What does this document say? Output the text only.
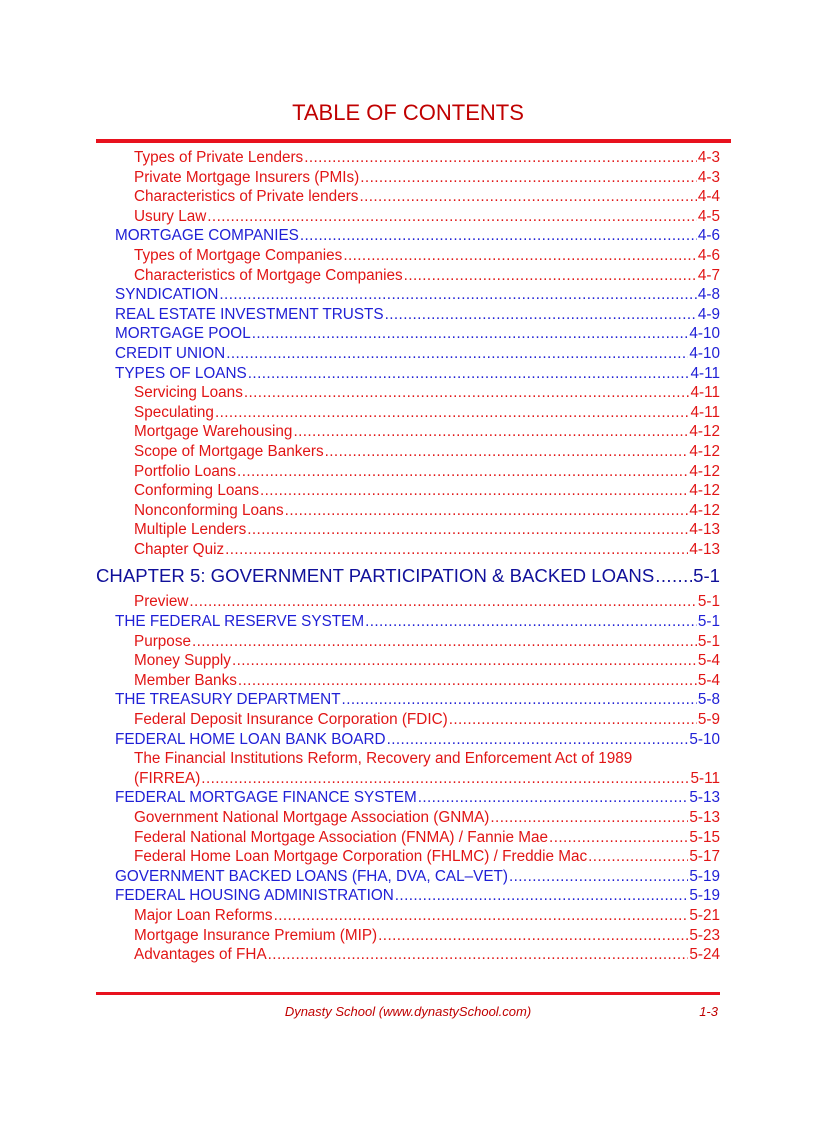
TABLE OF CONTENTS
Types of Private Lenders .....	4-3
Private Mortgage Insurers (PMIs) .....	4-3
Characteristics of Private lenders .....	4-4
Usury Law .....	4-5
MORTGAGE COMPANIES .....	4-6
Types of Mortgage Companies .....	4-6
Characteristics of Mortgage Companies .....	4-7
SYNDICATION .....	4-8
REAL ESTATE INVESTMENT TRUSTS .....	4-9
MORTGAGE POOL .....	4-10
CREDIT UNION .....	4-10
TYPES OF LOANS .....	4-11
Servicing Loans .....	4-11
Speculating .....	4-11
Mortgage Warehousing .....	4-12
Scope of Mortgage Bankers .....	4-12
Portfolio Loans .....	4-12
Conforming Loans .....	4-12
Nonconforming Loans .....	4-12
Multiple Lenders .....	4-13
Chapter Quiz .....	4-13
CHAPTER 5: GOVERNMENT PARTICIPATION & BACKED LOANS ..... 5-1
Preview .....	5-1
THE FEDERAL RESERVE SYSTEM .....	5-1
Purpose .....	5-1
Money Supply .....	5-4
Member Banks .....	5-4
THE TREASURY DEPARTMENT .....	5-8
Federal Deposit Insurance Corporation (FDIC) .....	5-9
FEDERAL HOME LOAN BANK BOARD .....	5-10
The Financial Institutions Reform, Recovery and Enforcement Act of 1989
(FIRREA) .....	5-11
FEDERAL MORTGAGE FINANCE SYSTEM .....	5-13
Government National Mortgage Association (GNMA) .....	5-13
Federal National Mortgage Association (FNMA) / Fannie Mae .....	5-15
Federal Home Loan Mortgage Corporation (FHLMC) / Freddie Mac .....	5-17
GOVERNMENT BACKED LOANS (FHA, DVA, CAL–VET) .....	5-19
FEDERAL HOUSING ADMINISTRATION .....	5-19
Major Loan Reforms .....	5-21
Mortgage Insurance Premium (MIP) .....	5-23
Advantages of FHA .....	5-24
Dynasty School (www.dynastySchool.com)	1-3
